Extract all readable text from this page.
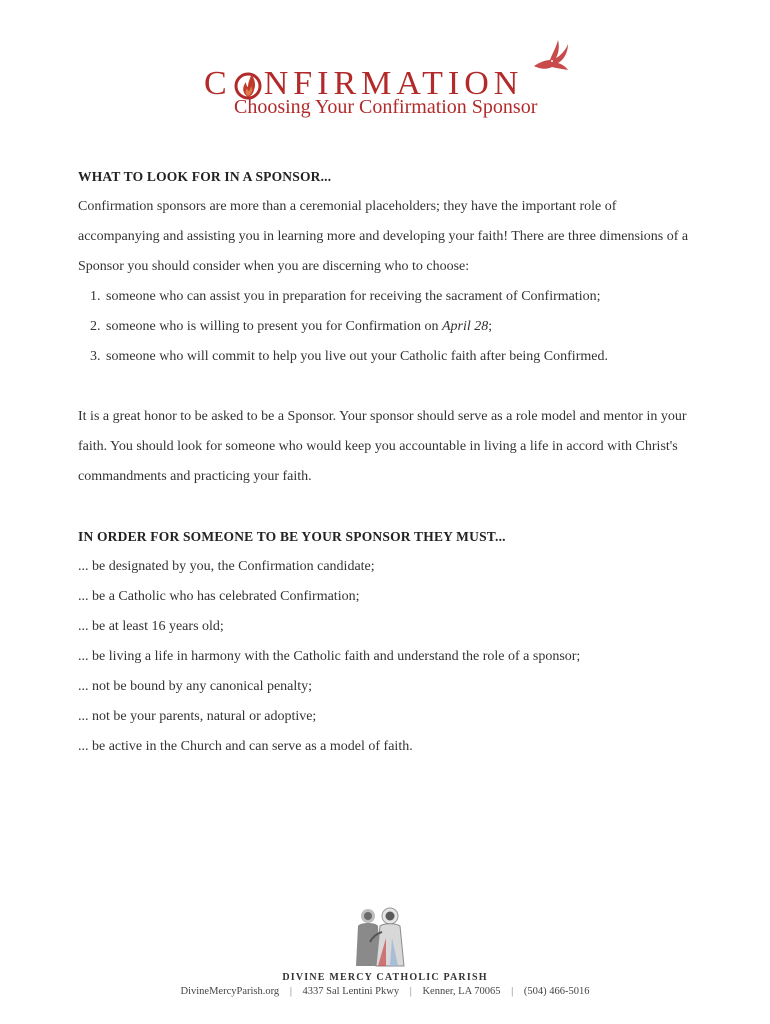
C NFIRMATION
Choosing Your Confirmation Sponsor
WHAT TO LOOK FOR IN A SPONSOR...

Confirmation sponsors are more than a ceremonial placeholders; they have the important role of accompanying and assisting you in learning more and developing your faith! There are three dimensions of a Sponsor you should consider when you are discerning who to choose:

1. someone who can assist you in preparation for receiving the sacrament of Confirmation;
2. someone who is willing to present you for Confirmation on April 28;
3. someone who will commit to help you live out your Catholic faith after being Confirmed.

It is a great honor to be asked to be a Sponsor. Your sponsor should serve as a role model and mentor in your faith. You should look for someone who would keep you accountable in living a life in accord with Christ's commandments and practicing your faith.

IN ORDER FOR SOMEONE TO BE YOUR SPONSOR THEY MUST...

... be designated by you, the Confirmation candidate;

... be a Catholic who has celebrated Confirmation;

... be at least 16 years old;

... be living a life in harmony with the Catholic faith and understand the role of a sponsor;

... not be bound by any canonical penalty;

... not be your parents, natural or adoptive;

... be active in the Church and can serve as a model of faith.

DIVINE MERCY CATHOLIC PARISH
DivineMercyParish.org | 4337 Sal Lentini Pkwy | Kenner, LA 70065 | (504) 466-5016
